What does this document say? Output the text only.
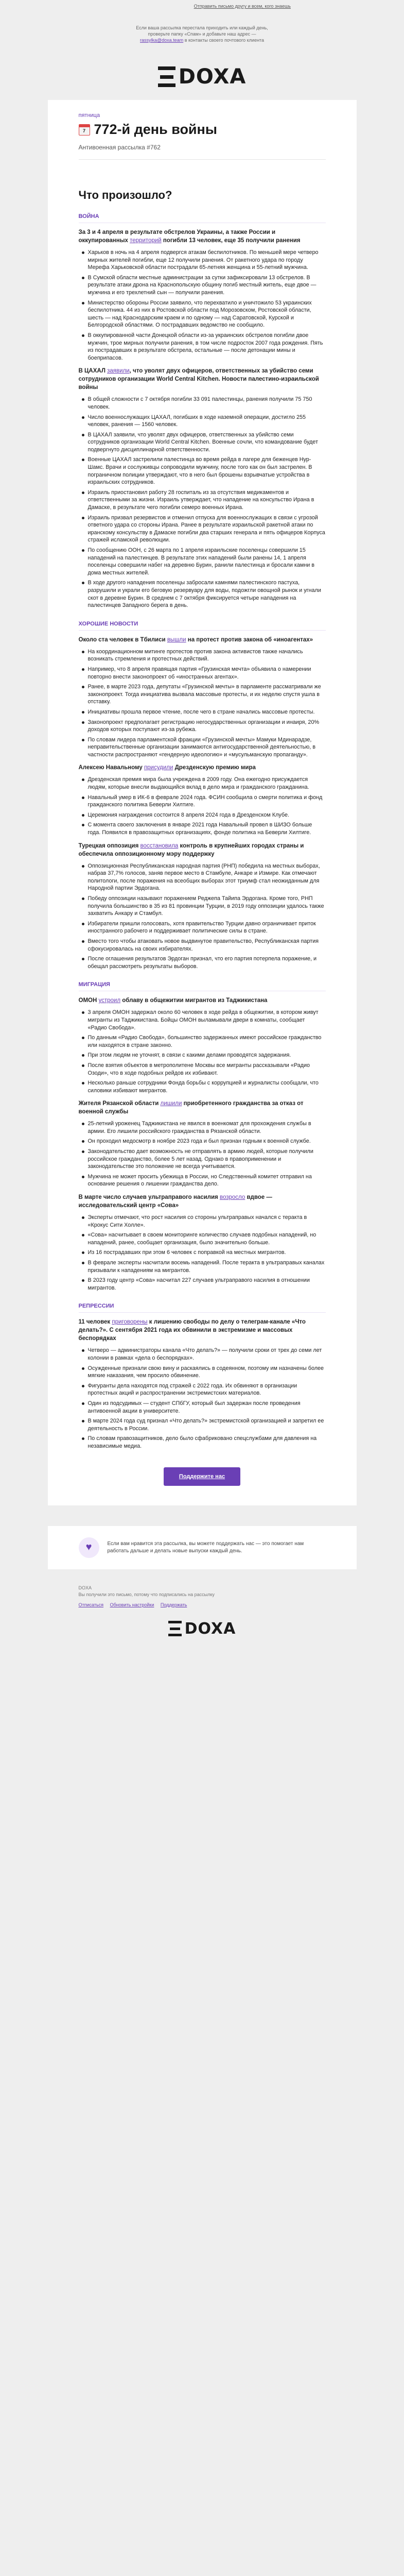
Отправить письмо другу и всем, кого знаешь
Если ваша рассылка перестала приходить или каждый день, проверьте папку «Спам» и добавьте наш адрес — rassylka@doxa.team в контакты своего почтового клиента
DOXA
пятница
7 772-й день войны
Антивоенная рассылка #762
Что произошло?
ВОЙНА
За 3 и 4 апреля в результате обстрелов Украины, а также России и оккупированных территорий погибли 13 человек, еще 35 получили ранения
Харьков в ночь на 4 апреля подвергся атакам беспилотников. По меньшей мере четверо мирных жителей погибли, еще 12 получили ранения. От ракетного удара по городу Мерефа Харьковской области пострадали 65-летняя женщина и 55-летний мужчина.
В Сумской области местные администрации за сутки зафиксировали 13 обстрелов. В результате атаки дрона на Краснопольскую общину погиб местный житель, еще двое — мужчина и его трехлетний сын — получили ранения.
Министерство обороны России заявило, что перехватило и уничтожило 53 украинских беспилотника. 44 из них в Ростовской области под Морозовском, Ростовской области, шесть — над Краснодарским краем и по одному — над Саратовской, Курской и Белгородской областями. О пострадавших ведомство не сообщило.
В оккупированной части Донецкой области из-за украинских обстрелов погибли двое мужчин, трое мирных получили ранения, в том числе подросток 2007 года рождения. Пять из пострадавших в результате обстрела, остальные — после детонации мины и боеприпасов.
В ЦАХАЛ заявили, что уволят двух офицеров, ответственных за убийство семи сотрудников организации World Central Kitchen. Новости палестино-израильской войны
В общей сложности с 7 октября погибли 33 091 палестинцы, ранения получили 75 750 человек.
Число военнослужащих ЦАХАЛ, погибших в ходе наземной операции, достигло 255 человек, ранения — 1560 человек.
В ЦАХАЛ заявили, что уволят двух офицеров, ответственных за убийство семи сотрудников организации World Central Kitchen. Военные сочли, что командование будет подвергнуто дисциплинарной ответственности.
Военные ЦАХАЛ застрелили палестинца во время рейда в лагере для беженцев Нур-Шамс. Врачи и сослуживцы сопроводили мужчину, после того как он был застрелен. В пограничном полиции утверждают, что в него был брошены взрывчатые устройства в израильских сотрудников.
Израиль приостановил работу 28 госпиталь из за отсутствия медикаментов и ответственными за жизни. Израиль утверждает, что нападение на консульство Ирана в Дамаске, в результате чего погибли семеро военных Ирана.
Израиль призвал резервистов и отменил отпуска для военнослужащих в связи с угрозой ответного удара со стороны Ирана. Ранее в результате израильской ракетной атаки по иранскому консульству в Дамаске погибли два старших генерала и пять офицеров Корпуса стражей исламской революции.
По сообщению ООН, с 26 марта по 1 апреля израильские поселенцы совершили 15 нападений на палестинцев. В результате этих нападений были ранены 14, 1 апреля поселенцы совершили набег на деревню Бурин, ранили палестинца и бросали камни в дома местных жителей.
В ходе другого нападения поселенцы забросали камнями палестинского пастуха, разрушили и украли его беговую резервуару для воды, подожгли овощной рынок и угнали скот в деревне Бурин. В среднем с 7 октября фиксируется четыре нападения на палестинцев Западного берега в день.
ХОРОШИЕ НОВОСТИ
Около ста человек в Тбилиси вышли на протест против закона об «иноагентах»
На координационном митинге протестов против закона активистов также начались возникать стремления и протестных действий.
Например, что 8 апреля правящая партия «Грузинская мечта» объявила о намерении повторно внести законопроект об «иностранных агентах».
Ранее, в марте 2023 года, депутаты «Грузинской мечты» в парламенте рассматривали же законопроект. Тогда инициатива вызвала массовые протесты, и их неделю спустя ушла в отставку.
Инициативы прошла первое чтение, после чего в стране начались массовые протесты.
Законопроект предполагает регистрацию негосударственных организации и инаиря, 20% доходов которых поступают из-за рубежа.
По словам лидера парламентской фракции «Грузинской мечты» Мамуки Мдинарадзе, неправительственные организации занимаются антигосударственной деятельностью, в частности распространяют «гендерную идеологию» и «мусульманскую пропаганду».
Алексею Навальному присудили Дрезденскую премию мира
Дрезденская премия мира была учреждена в 2009 году. Она ежегодно присуждается людям, которые внесли выдающийся вклад в дело мира и гражданского гражданина.
Навальный умер в ИК-6 в феврале 2024 года. ФСИН сообщила о смерти политика и фонд гражданского политика Беверли Хилтиге.
Церемония награждения состоится 8 апреля 2024 года в Дрезденском Клубе.
С момента своего заключения в январе 2021 года Навальный провел в ШИЗО больше года. Появился в правозащитных организациях, фонде политика на Беверли Хилтиге.
Турецкая оппозиция восстановила контроль в крупнейших городах страны и обеспечила оппозиционному мэру поддержку
Оппозиционная Республиканская народная партия (РНП) победила на местных выборах, набрав 37,7% голосов, заняв первое место в Стамбуле, Анкаре и Измире. Как отмечают политологи, после поражения на всеобщих выборах этот триумф стал неожиданным для Народной партии Эрдогана.
Победу оппозиции называют поражением Реджепа Тайипа Эрдогана. Кроме того, РНП получила большинство в 35 из 81 провинции Турции, в 2019 году оппозиции удалось также захватить Анкару и Стамбул.
Избиратели пришли голосовать, хотя правительство Турции давно ограничивает приток иностранного рабочего и поддерживает политические силы в стране.
Вместо того чтобы атаковать новое выдвинутое правительство, Республиканская партия сфокусировалась на своих избирателях.
После оглашения результатов Эрдоган признал, что его партия потерпела поражение, и обещал рассмотреть результаты выборов.
МИГРАЦИЯ
ОМОН устроил облаву в общежитии мигрантов из Таджикистана
3 апреля ОМОН задержал около 60 человек в ходе рейда в общежитии, в котором живут мигранты из Таджикистана. Бойцы ОМОН выламывали двери в комнаты, сообщает «Радио Свобода».
По данным «Радио Свобода», большинство задержанных имеют российское гражданство или находятся в стране законно.
При этом людям не уточнят, в связи с какими делами проводятся задержания.
После взятия объектов в метрополитене Москвы все мигранты рассказывали «Радио Озоди», что в ходе подобных рейдов их избивают.
Несколько раньше сотрудники Фонда борьбы с коррупцией и журналисты сообщали, что силовики избивают мигрантов.
Жителя Рязанской области лишили приобретенного гражданства за отказ от военной службы
25-летний уроженец Таджикистана не явился в военкомат для прохождения службы в армии. Его лишили российского гражданства в Рязанской области.
Он проходил медосмотр в ноябре 2023 года и был признан годным к военной службе.
Законодательство дает возможность не отправлять в армию людей, которые получили российское гражданство, более 5 лет назад. Однако в правоприменении и законодательстве это положение не всегда учитывается.
Мужчина не может просить убежища в России, но Следственный комитет отправил на основание решения о лишении гражданства дело.
В марте число случаев ультраправого насилия возросло вдвое — исследовательский центр «Сова»
Эксперты отмечают, что рост насилия со стороны ультраправых начался с теракта в «Крокус Сити Холле».
«Сова» насчитывает в своем мониторинге количество случаев подобных нападений, но нападений, ранее, сообщает организация, было значительно больше.
Из 16 пострадавших при этом 6 человек с поправкой на местных мигрантов.
В феврале эксперты насчитали восемь нападений. После теракта в ультраправых каналах призывали к нападениям на мигрантов.
В 2023 году центр «Сова» насчитал 227 случаев ультраправого насилия в отношении мигрантов.
РЕПРЕССИИ
11 человек приговорены к лишению свободы по делу о телеграм-канале «Что делать?». С сентября 2021 года их обвинили в экстремизме и массовых беспорядках
Четверо — администраторы канала «Что делать?» — получили сроки от трех до семи лет колонии в рамках «дела о беспорядках».
Осужденные признали свою вину и раскаялись в содеянном, поэтому им назначены более мягкие наказания, чем просило обвинение.
Фигуранты дела находятся под стражей с 2022 года. Их обвиняют в организации протестных акций и распространении экстремистских материалов.
Один из подсудимых — студент СПбГУ, который был задержан после проведения антивоенной акции в университете.
В марте 2024 года суд признал «Что делать?» экстремистской организацией и запретил ее деятельность в России.
По словам правозащитников, дело было сфабриковано спецслужбами для давления на независимые медиа.
Поддержите нас
♥	Если вам нравится эта рассылка, вы можете поддержать нас — это помогает нам работать дальше и делать новые выпуски каждый день.
DOXA
Вы получили это письмо, потому что подписались на рассылку
Отписаться Обновить настройки Поддержать
DOXA
